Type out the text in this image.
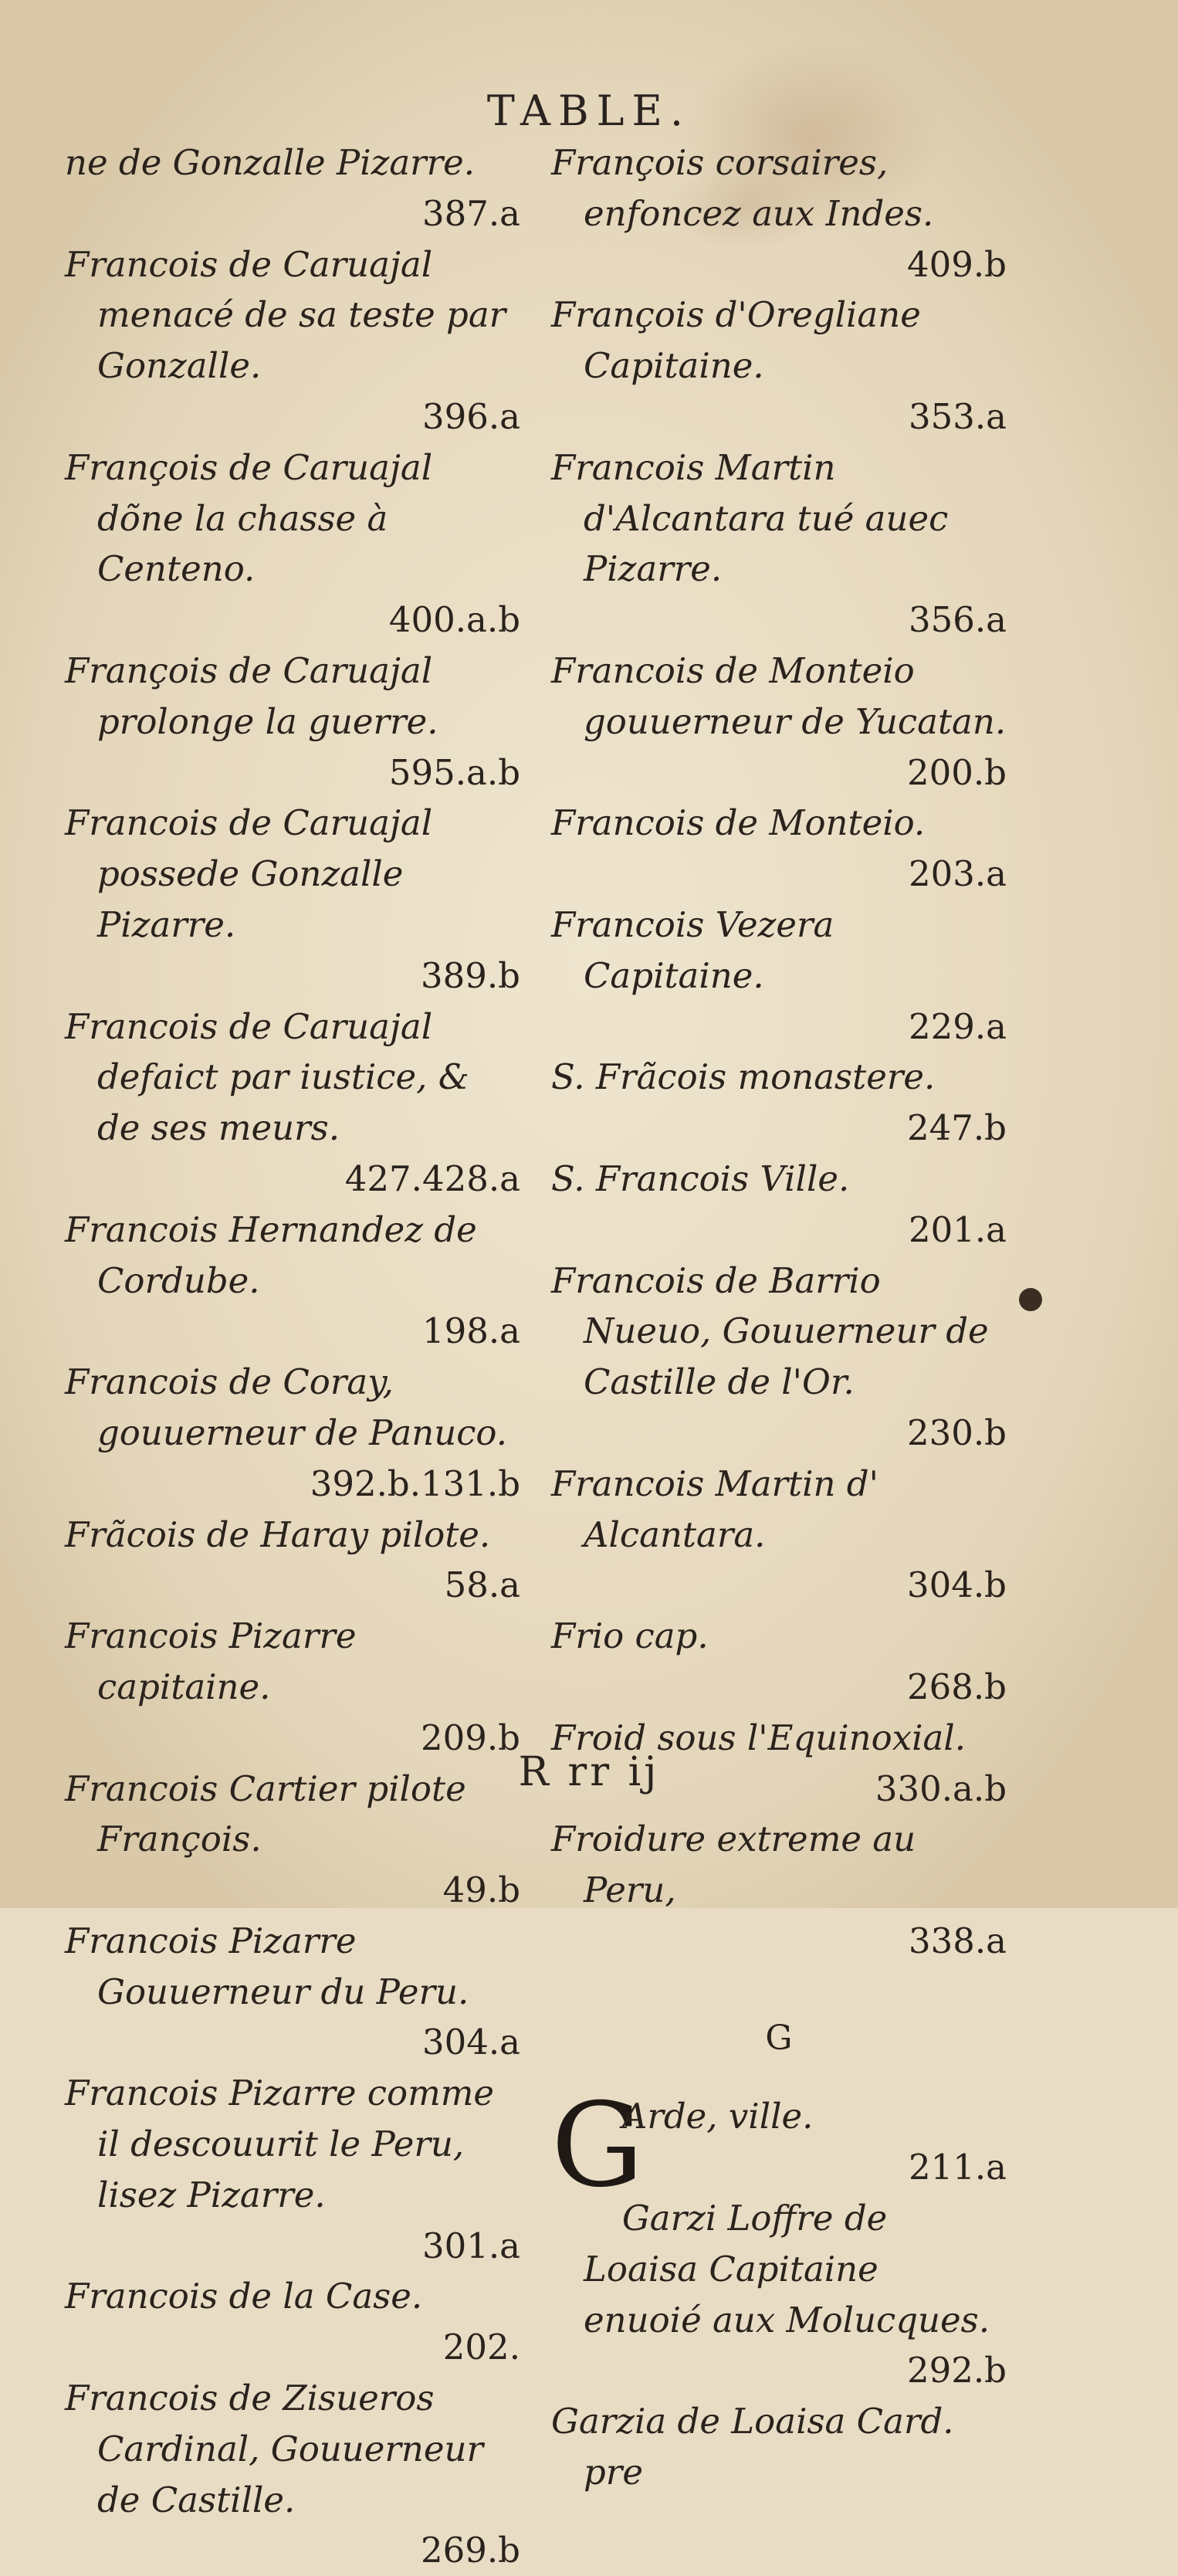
TABLE.
ne de Gonzalle Pizarre.
387.a
Francois de Caruajal menacé de sa teste par Gonzalle.
396.a
François de Caruajal dõne la chasse à Centeno.
400.a.b
François de Caruajal prolonge la guerre.
595.a.b
Francois de Caruajal possede Gonzalle Pizarre.
389.b
Francois de Caruajal defaict par iustice, & de ses meurs.
427.428.a
Francois Hernandez de Cordube.
198.a
Francois de Coray, gouuerneur de Panuco.
392.b.131.b
Frãcois de Haray pilote.
58.a
Francois Pizarre capitaine.
209.b
Francois Cartier pilote François.
49.b
Francois Pizarre Gouuerneur du Peru.
304.a
Francois Pizarre comme il descouurit le Peru, lisez Pizarre.
301.a
Francois de la Case.
202.
Francois de Zisueros Cardinal, Gouuerneur de Castille.
269.b
François corsaires, enfoncez aux Indes.
409.b
François d'Oregliane Capitaine.
353.a
Francois Martin d'Alcantara tué auec Pizarre.
356.a
Francois de Monteio gouuerneur de Yucatan.
200.b
Francois de Monteio.
203.a
Francois Vezera Capitaine.
229.a
S. Frãcois monastere.
247.b
S. Francois Ville.
201.a
Francois de Barrio Nueuo, Gouuerneur de Castille de l'Or.
230.b
Francois Martin d' Alcantara.
304.b
Frio cap.
268.b
Froid sous l'Equinoxial.
330.a.b
Froidure extreme au Peru,
338.a
G
G
Arde, ville.
211.a
Garzi Loffre de Loaisa Capitaine enuoié aux Molucques.
292.b
Garzia de Loaisa Card. pre
R rr ij
